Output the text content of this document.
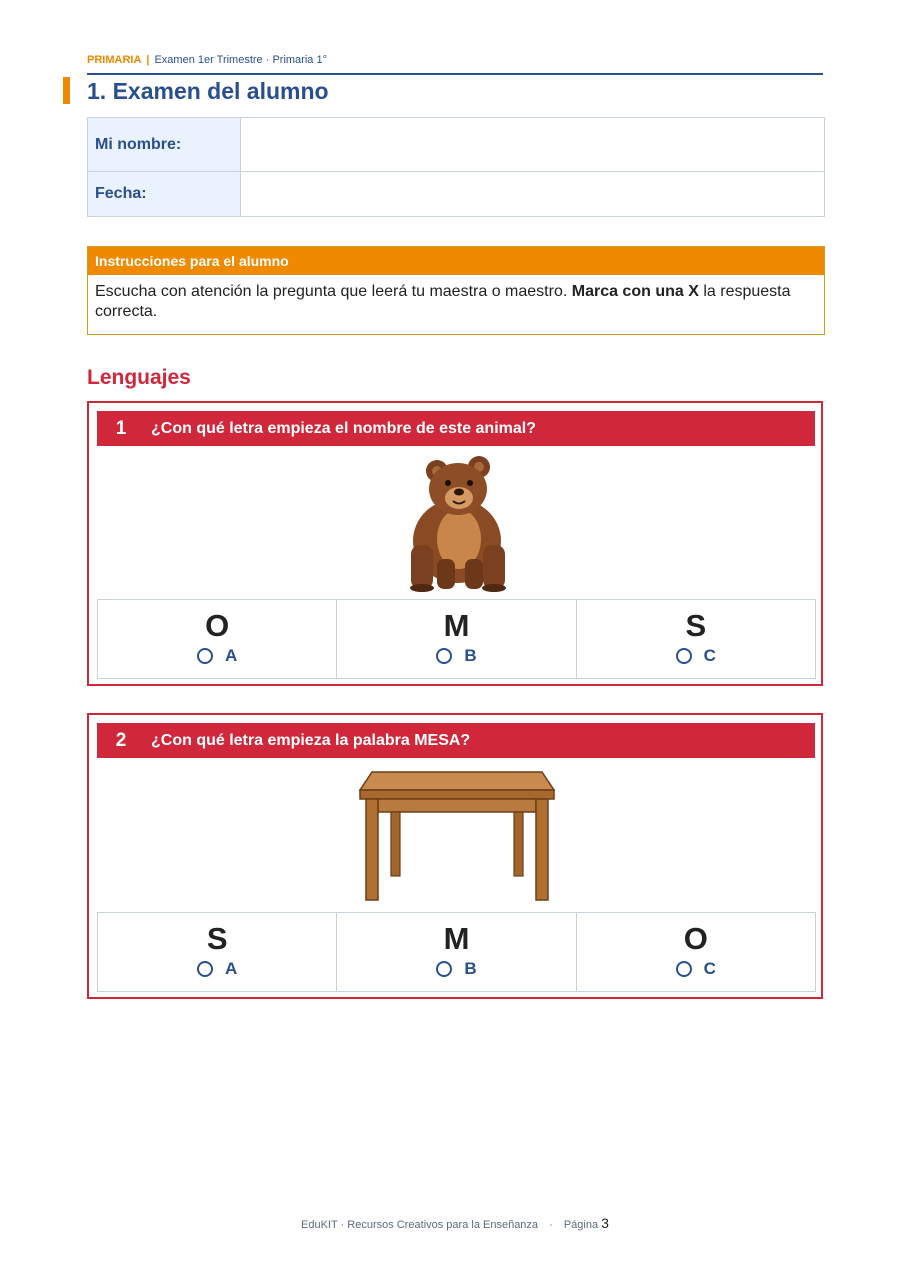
PRIMARIA | Examen 1er Trimestre · Primaria 1°
1. Examen del alumno
Mi nombre:
Fecha:
Instrucciones para el alumno
Escucha con atención la pregunta que leerá tu maestra o maestro. Marca con una X la respuesta correcta.
Lenguajes
1	¿Con qué letra empieza el nombre de este animal?
O
A
M
B
S
C
2	¿Con qué letra empieza la palabra MESA?
S
A
M
B
O
C
EduKIT · Recursos Creativos para la Enseñanza · Página 3
